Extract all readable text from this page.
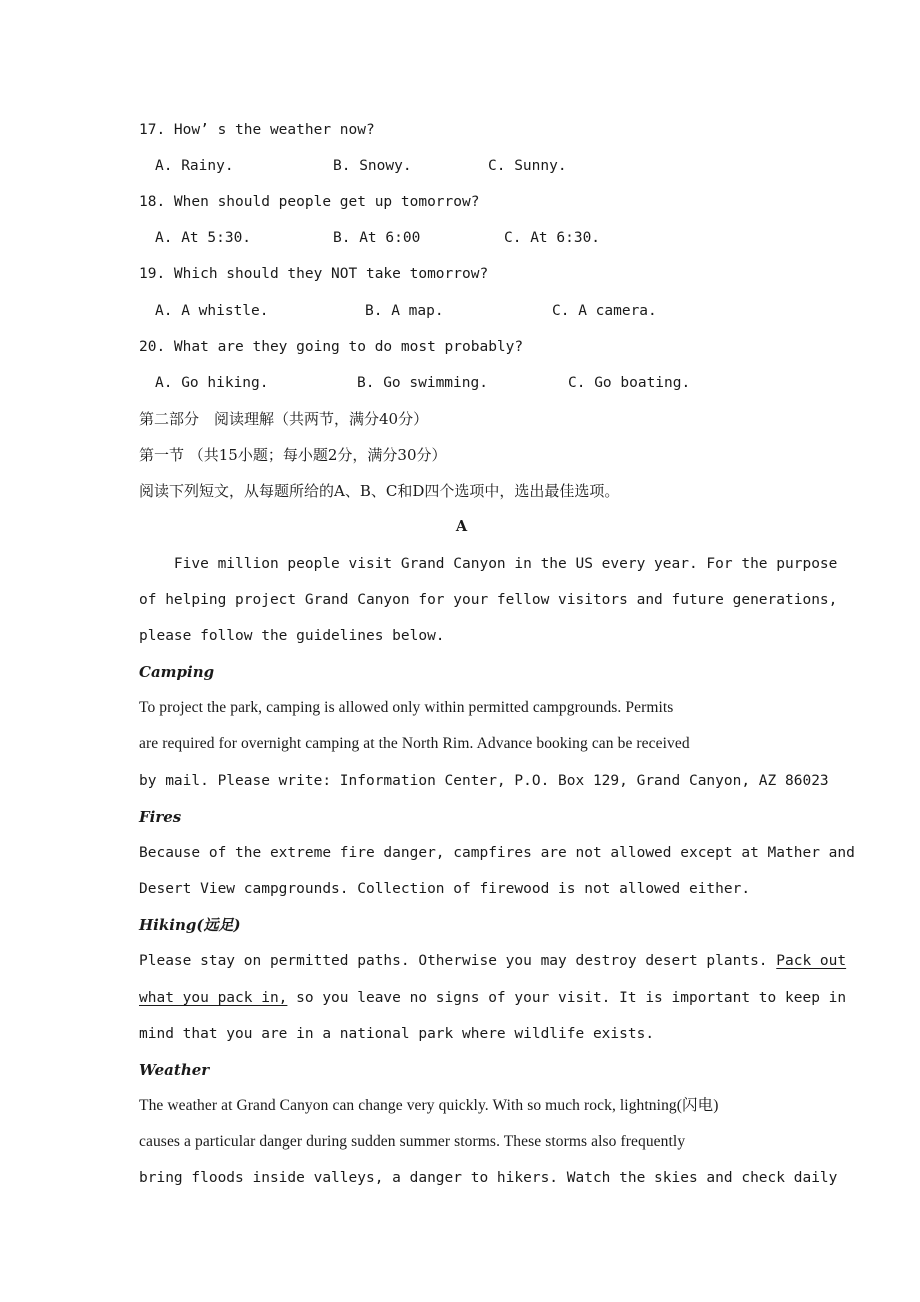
17. How’ s the weather now?

A. Rainy.

	B. Snowy.

	C. Sunny.

18. When should people get up tomorrow?

A. At 5:30.

	B. At 6:00

	C. At 6:30.

19. Which should they NOT take tomorrow?

A. A whistle.

	B. A map.

	C. A camera.

20. What are they going to do most probably?

A. Go hiking.

	B. Go swimming.

	C. Go boating.

第二部分　阅读理解（共两节，满分40分）
第一节 （共15小题；每小题2分，满分30分）
阅读下列短文，从每题所给的A、B、C和D四个选项中，选出最佳选项。
A
Five million people visit Grand Canyon in the US every year. For the purpose
of helping project Grand Canyon for your fellow visitors and future generations,
please follow the guidelines below.
Camping
To project the park, camping is allowed only within permitted campgrounds. Permits
are required for overnight camping at the North Rim. Advance booking can be received
by mail. Please write: Information Center, P.O. Box 129, Grand Canyon, AZ 86023
Fires
Because of the extreme fire danger, campfires are not allowed except at Mather and
Desert View campgrounds. Collection of firewood is not allowed either.
Hiking(远足)
Please stay on permitted paths. Otherwise you may destroy desert plants. Pack out
what you pack in, so you leave no signs of your visit. It is important to keep in
mind that you are in a national park where wildlife exists.
Weather
The weather at Grand Canyon can change very quickly. With so much rock, lightning(闪电)
causes a particular danger during sudden summer storms. These storms also frequently
bring floods inside valleys, a danger to hikers. Watch the skies and check daily
